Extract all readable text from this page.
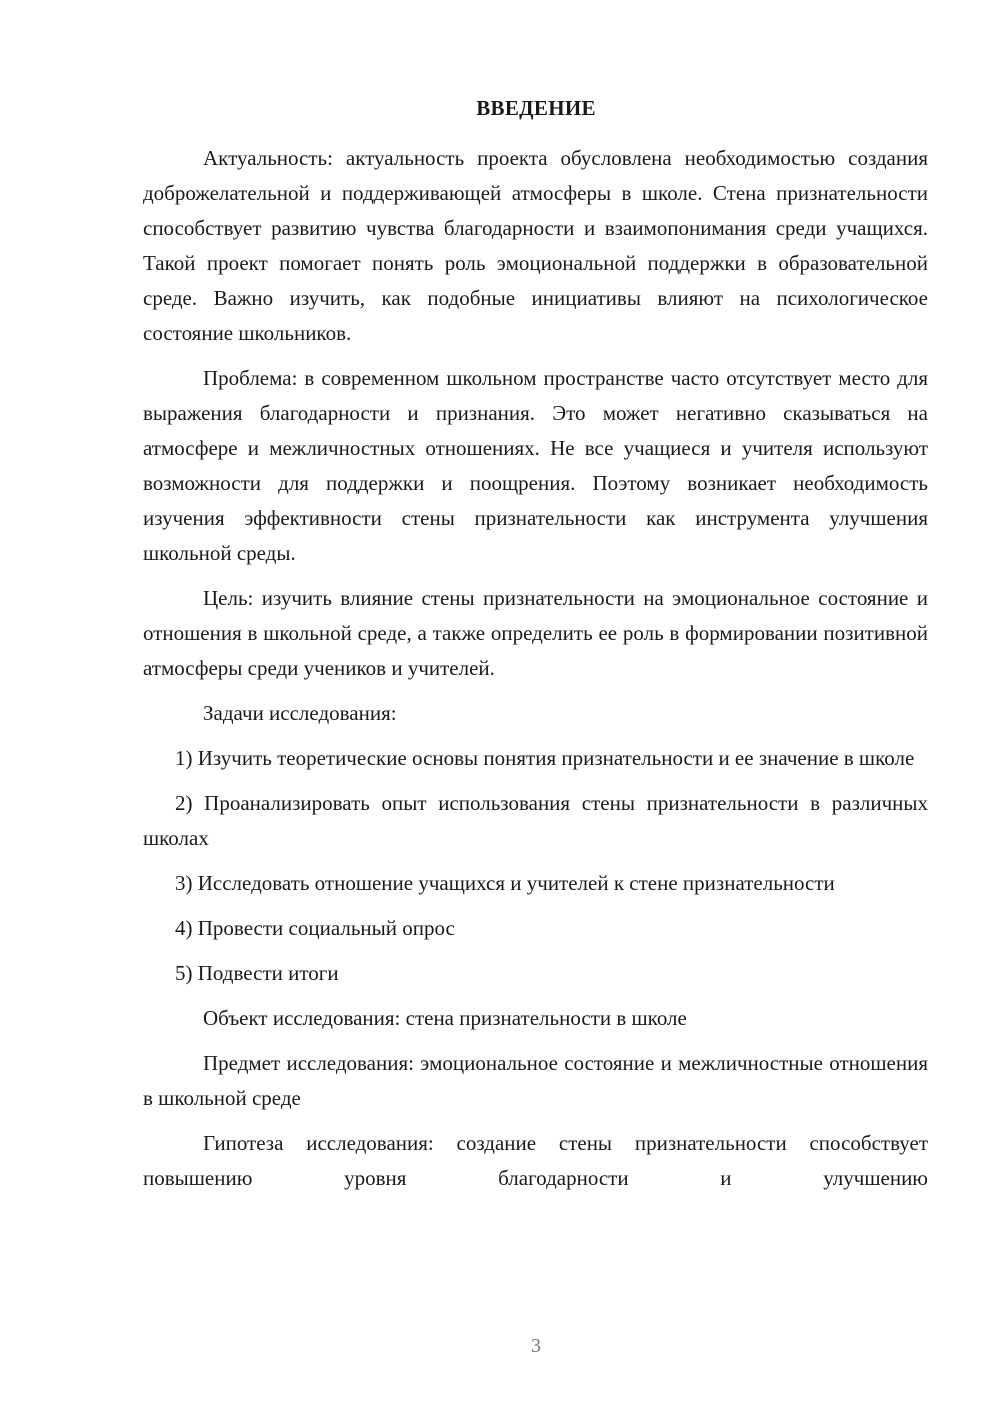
ВВЕДЕНИЕ

Актуальность: актуальность проекта обусловлена необходимостью создания доброжелательной и поддерживающей атмосферы в школе. Стена признательности способствует развитию чувства благодарности и взаимопонимания среди учащихся. Такой проект помогает понять роль эмоциональной поддержки в образовательной среде. Важно изучить, как подобные инициативы влияют на психологическое состояние школьников.

Проблема: в современном школьном пространстве часто отсутствует место для выражения благодарности и признания. Это может негативно сказываться на атмосфере и межличностных отношениях. Не все учащиеся и учителя используют возможности для поддержки и поощрения. Поэтому возникает необходимость изучения эффективности стены признательности как инструмента улучшения школьной среды.

Цель: изучить влияние стены признательности на эмоциональное состояние и отношения в школьной среде, а также определить ее роль в формировании позитивной атмосферы среди учеников и учителей.

Задачи исследования:

1) Изучить теоретические основы понятия признательности и ее значение в школе

2) Проанализировать опыт использования стены признательности в различных школах

3) Исследовать отношение учащихся и учителей к стене признательности

4) Провести социальный опрос

5) Подвести итоги

Объект исследования: стена признательности в школе

Предмет исследования: эмоциональное состояние и межличностные отношения в школьной среде

Гипотеза исследования: создание стены признательности способствует повышению уровня благодарности и улучшению

3
